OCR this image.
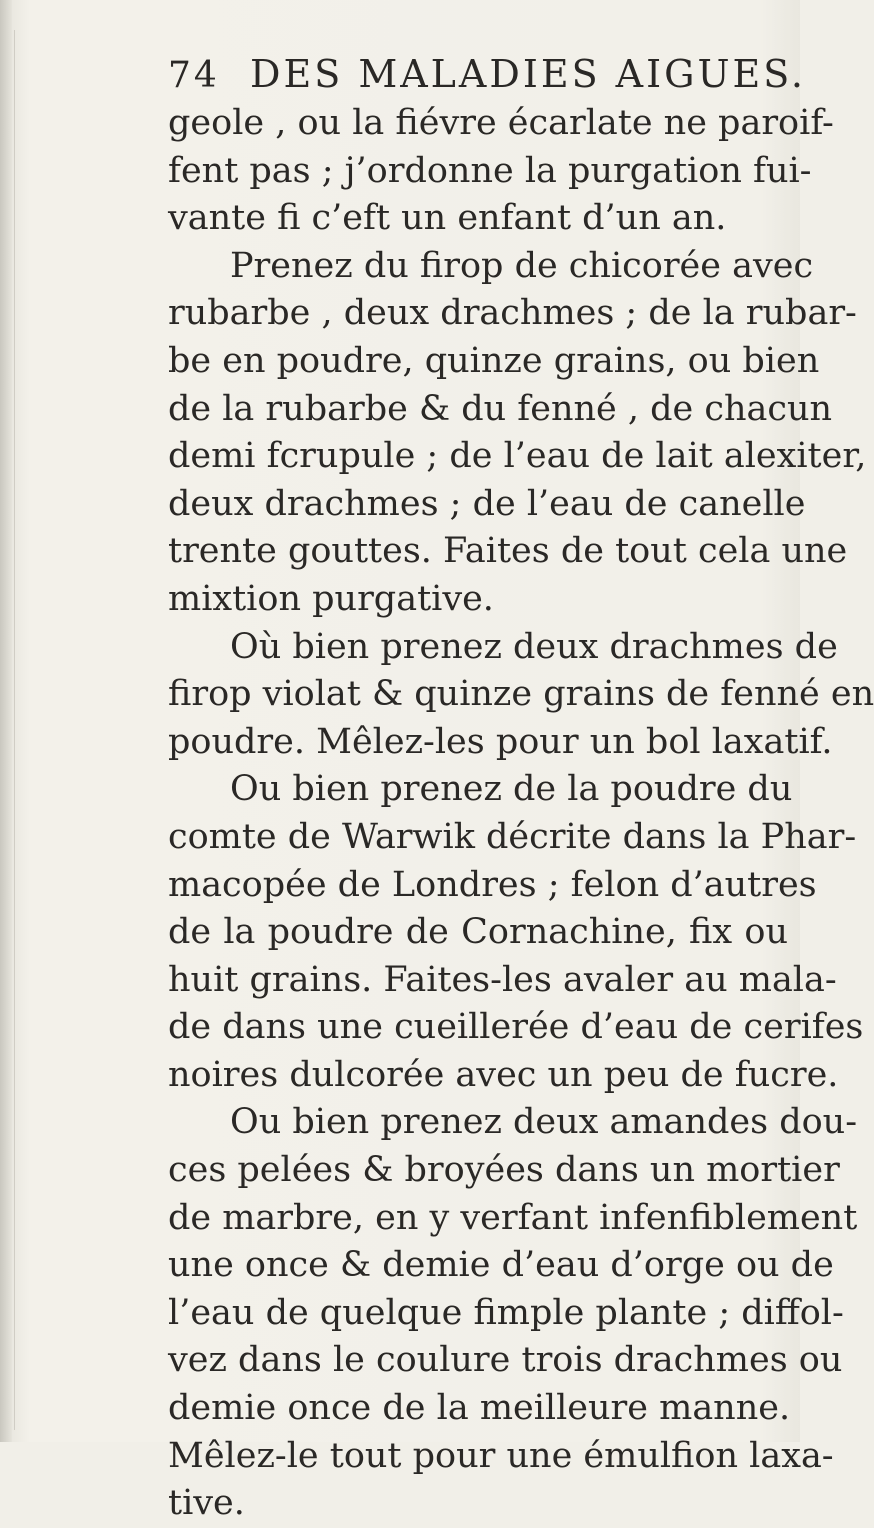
74 DES MALADIES AIGUES.
geole , ou la fiévre écarlate ne paroif-
fent pas ; j’ordonne la purgation fui-
vante fi c’eft un enfant d’un an.
Prenez du firop de chicorée avec
rubarbe , deux drachmes ; de la rubar-
be en poudre, quinze grains, ou bien
de la rubarbe & du fenné , de chacun
demi fcrupule ; de l’eau de lait alexiter,
deux drachmes ; de l’eau de canelle
trente gouttes. Faites de tout cela une
mixtion purgative.
Où bien prenez deux drachmes de
firop violat & quinze grains de fenné en
poudre. Mêlez-les pour un bol laxatif.
Ou bien prenez de la poudre du
comte de Warwik décrite dans la Phar-
macopée de Londres ; felon d’autres
de la poudre de Cornachine, fix ou
huit grains. Faites-les avaler au mala-
de dans une cueillerée d’eau de cerifes
noires dulcorée avec un peu de fucre.
Ou bien prenez deux amandes dou-
ces pelées & broyées dans un mortier
de marbre, en y verfant infenfiblement
une once & demie d’eau d’orge ou de
l’eau de quelque fimple plante ; diffol-
vez dans le coulure trois drachmes ou
demie once de la meilleure manne.
Mêlez-le tout pour une émulfion laxa-
tive.
